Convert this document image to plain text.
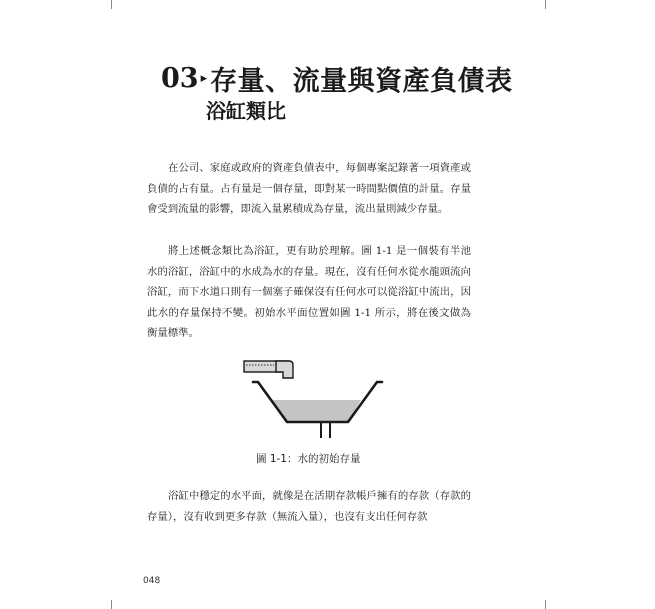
03 ▸ 存量、流量與資產負債表
浴缸類比

在公司、家庭或政府的資產負債表中，每個專案記錄著一項資產或負債的占有量。占有量是一個存量，即對某一時間點價值的計量。存量會受到流量的影響，即流入量累積成為存量，流出量則減少存量。

將上述概念類比為浴缸，更有助於理解。圖 1-1 是一個裝有半池水的浴缸，浴缸中的水成為水的存量。現在，沒有任何水從水龍頭流向浴缸，而下水道口則有一個塞子確保沒有任何水可以從浴缸中流出，因此水的存量保持不變。初始水平面位置如圖 1-1 所示，將在後文做為衡量標準。

圖 1-1：水的初始存量

浴缸中穩定的水平面，就像是在活期存款帳戶擁有的存款（存款的存量），沒有收到更多存款（無流入量），也沒有支出任何存款

048
